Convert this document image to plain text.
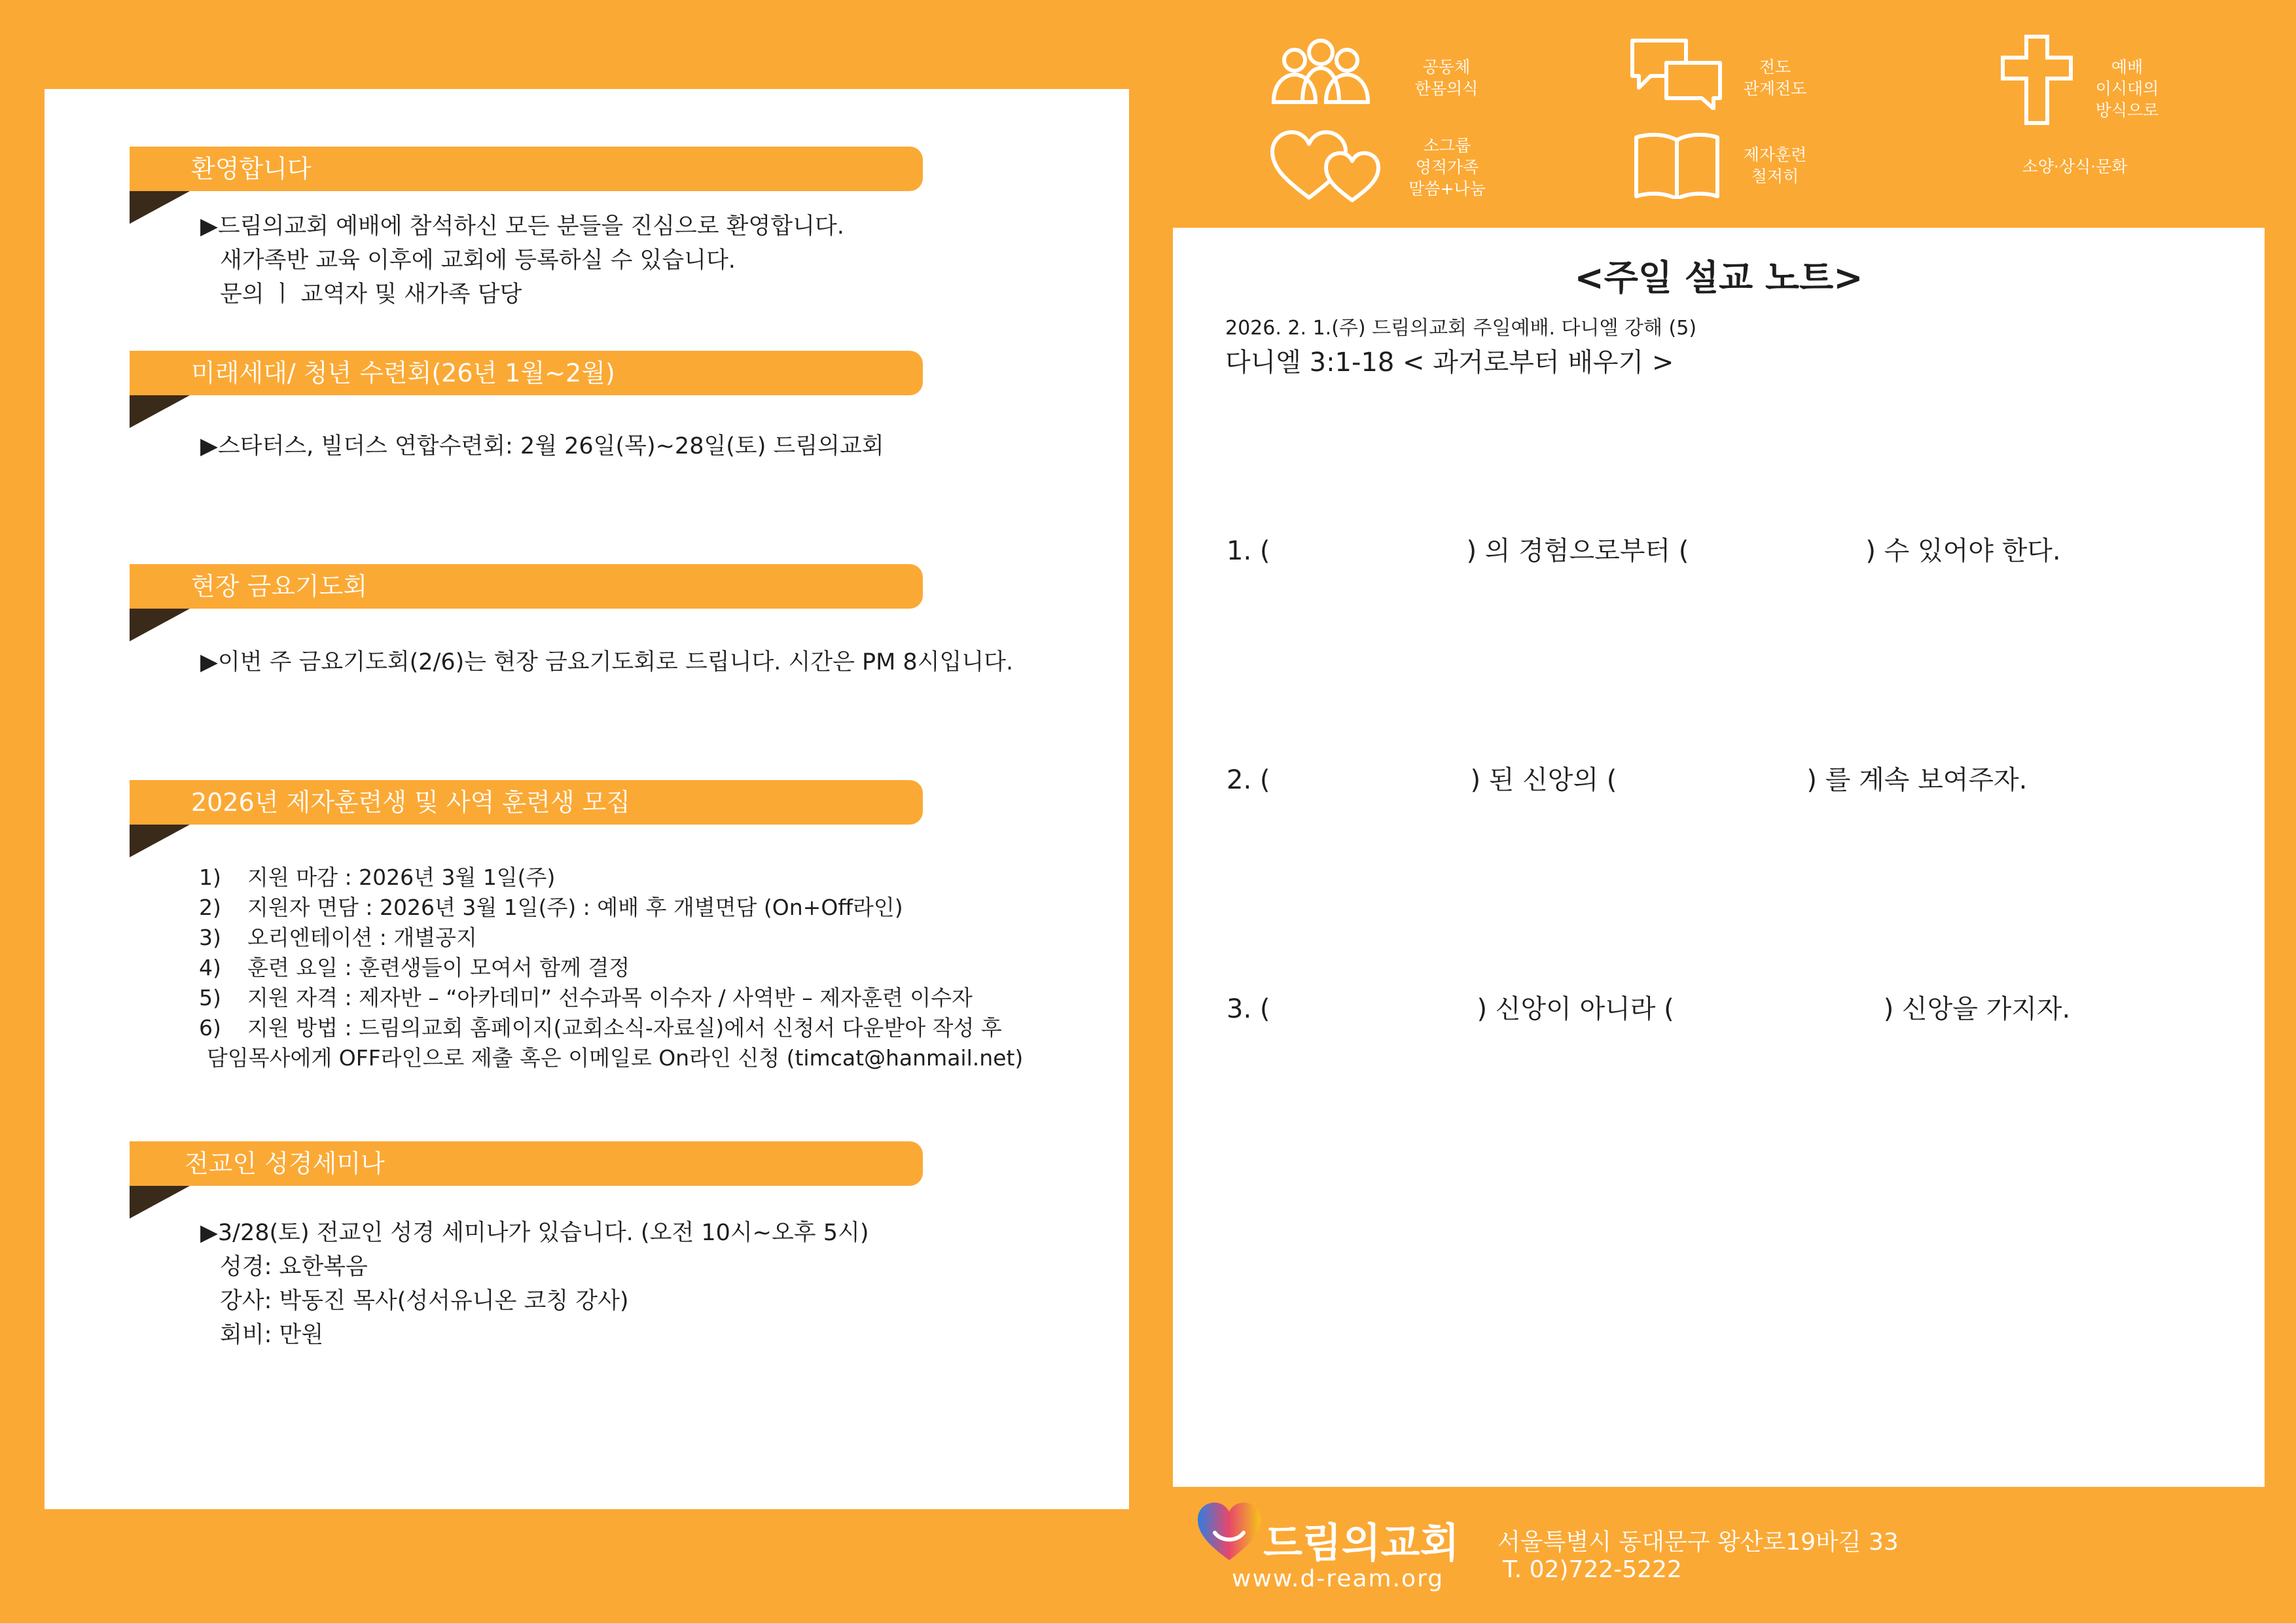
환영합니다
▶드림의교회 예배에 참석하신 모든 분들을 진심으로 환영합니다.
새가족반 교육 이후에 교회에 등록하실 수 있습니다.
문의 ㅣ 교역자 및 새가족 담당
미래세대/ 청년 수련회(26년 1월~2월)
▶스타터스, 빌더스 연합수련회: 2월 26일(목)~28일(토) 드림의교회
현장 금요기도회
▶이번 주 금요기도회(2/6)는 현장 금요기도회로 드립니다. 시간은 PM 8시입니다.
2026년 제자훈련생 및 사역 훈련생 모집
1) 지원 마감 : 2026년 3월 1일(주)
2) 지원자 면담 : 2026년 3월 1일(주) : 예배 후 개별면담 (On+Off라인)
3) 오리엔테이션 : 개별공지
4) 훈련 요일 : 훈련생들이 모여서 함께 결정
5) 지원 자격 : 제자반 – “아카데미” 선수과목 이수자 / 사역반 – 제자훈련 이수자
6) 지원 방법 : 드림의교회 홈페이지(교회소식-자료실)에서 신청서 다운받아 작성 후
담임목사에게 OFF라인으로 제출 혹은 이메일로 On라인 신청 (timcat@hanmail.net)
전교인 성경세미나
▶3/28(토) 전교인 성경 세미나가 있습니다. (오전 10시~오후 5시)
성경: 요한복음
강사: 박동진 목사(성서유니온 코칭 강사)
회비: 만원
공동체
한몸의식
전도
관계전도
예배
이시대의
방식으로
소그룹
영적가족
말씀+나눔
제자훈련
철저히
소양·상식·문화
<주일 설교 노트>
2026. 2. 1.(주) 드림의교회 주일예배. 다니엘 강해 (5)
다니엘 3:1-18 < 과거로부터 배우기 >
1. (	) 의 경험으로부터 (	) 수 있어야 한다.
2. (	) 된 신앙의 (	) 를 계속 보여주자.
3. (	) 신앙이 아니라 (	) 신앙을 가지자.
드림의교회
www.d-ream.org
서울특별시 동대문구 왕산로19바길 33
T. 02)722-5222
